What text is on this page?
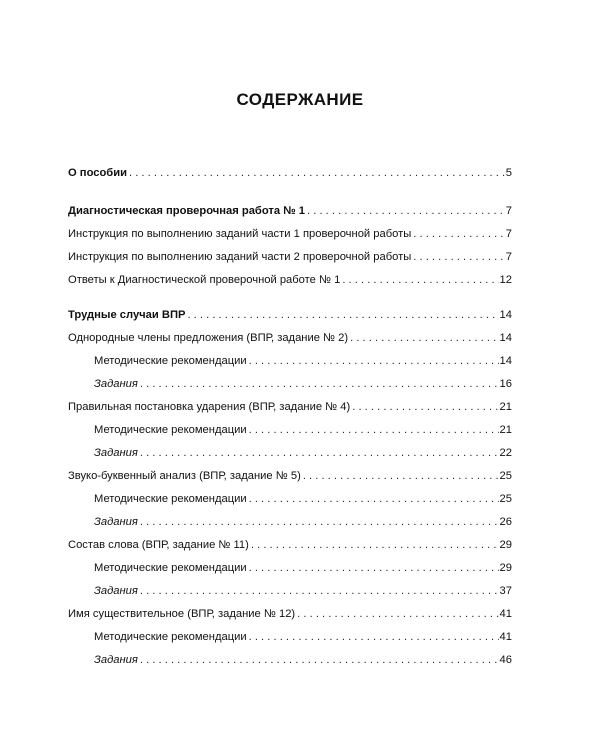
СОДЕРЖАНИЕ
О пособии . . .	5
Диагностическая проверочная работа № 1 . . .	7
Инструкция по выполнению заданий части 1 проверочной работы . . .	7
Инструкция по выполнению заданий части 2 проверочной работы . . .	7
Ответы к Диагностической проверочной работе № 1 . . .	12
Трудные случаи ВПР . . .	14
Однородные члены предложения (ВПР, задание № 2) . . .	14
Методические рекомендации . . .	14
Задания . . .	16
Правильная постановка ударения (ВПР, задание № 4) . . .	21
Методические рекомендации . . .	21
Задания . . .	22
Звуко-буквенный анализ (ВПР, задание № 5) . . .	25
Методические рекомендации . . .	25
Задания . . .	26
Состав слова (ВПР, задание № 11) . . .	29
Методические рекомендации . . .	29
Задания . . .	37
Имя существительное (ВПР, задание № 12) . . .	41
Методические рекомендации . . .	41
Задания . . .	46
